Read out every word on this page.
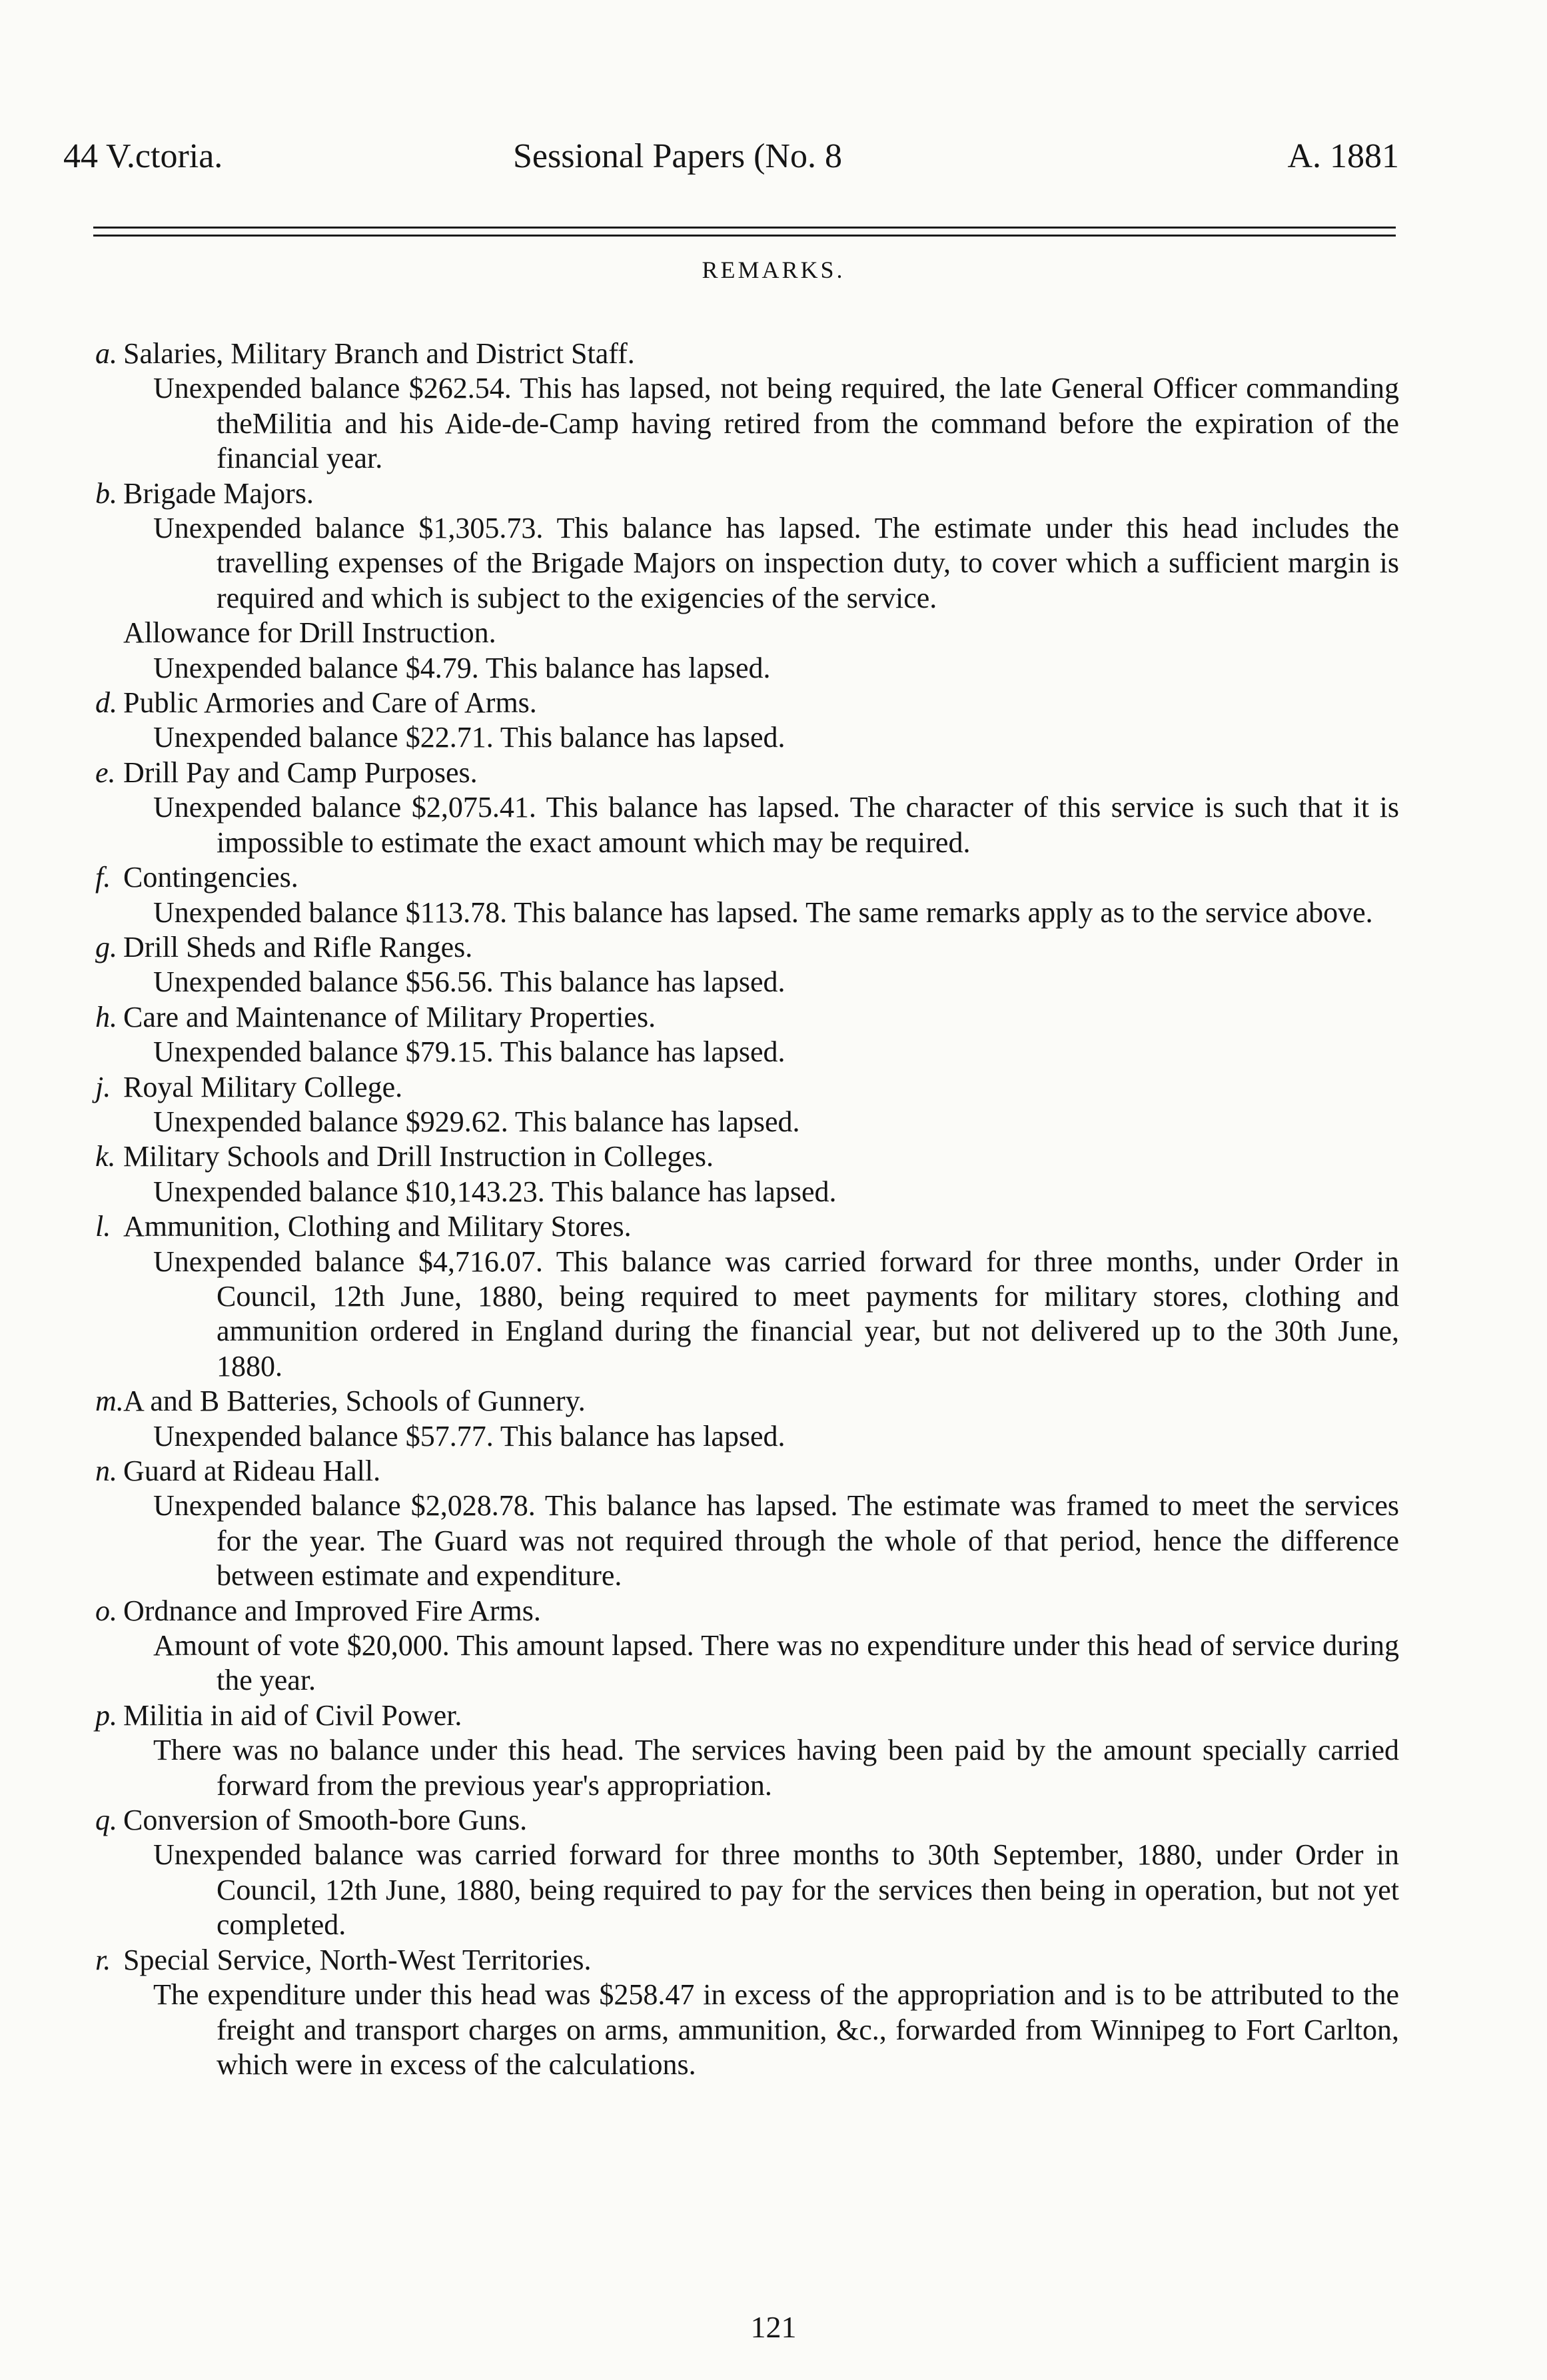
44 V.ctoria.	Sessional Papers (No. 8	A. 1881
REMARKS.
a. Salaries, Military Branch and District Staff.
Unexpended balance $262.54. This has lapsed, not being required, the late General Officer commanding theMilitia and his Aide-de-Camp having retired from the command before the expiration of the financial year.
b. Brigade Majors.
Unexpended balance $1,305.73. This balance has lapsed. The estimate under this head includes the travelling expenses of the Brigade Majors on inspection duty, to cover which a sufficient margin is required and which is subject to the exigencies of the service.
Allowance for Drill Instruction.
Unexpended balance $4.79. This balance has lapsed.
d. Public Armories and Care of Arms.
Unexpended balance $22.71. This balance has lapsed.
e. Drill Pay and Camp Purposes.
Unexpended balance $2,075.41. This balance has lapsed. The character of this service is such that it is impossible to estimate the exact amount which may be required.
f. Contingencies.
Unexpended balance $113.78. This balance has lapsed. The same remarks apply as to the service above.
g. Drill Sheds and Rifle Ranges.
Unexpended balance $56.56. This balance has lapsed.
h. Care and Maintenance of Military Properties.
Unexpended balance $79.15. This balance has lapsed.
j. Royal Military College.
Unexpended balance $929.62. This balance has lapsed.
k. Military Schools and Drill Instruction in Colleges.
Unexpended balance $10,143.23. This balance has lapsed.
l. Ammunition, Clothing and Military Stores.
Unexpended balance $4,716.07. This balance was carried forward for three months, under Order in Council, 12th June, 1880, being required to meet payments for military stores, clothing and ammunition ordered in England during the financial year, but not delivered up to the 30th June, 1880.
m. A and B Batteries, Schools of Gunnery.
Unexpended balance $57.77. This balance has lapsed.
n. Guard at Rideau Hall.
Unexpended balance $2,028.78. This balance has lapsed. The estimate was framed to meet the services for the year. The Guard was not required through the whole of that period, hence the difference between estimate and expenditure.
o. Ordnance and Improved Fire Arms.
Amount of vote $20,000. This amount lapsed. There was no expenditure under this head of service during the year.
p. Militia in aid of Civil Power.
There was no balance under this head. The services having been paid by the amount specially carried forward from the previous year's appropriation.
q. Conversion of Smooth-bore Guns.
Unexpended balance was carried forward for three months to 30th September, 1880, under Order in Council, 12th June, 1880, being required to pay for the services then being in operation, but not yet completed.
r. Special Service, North-West Territories.
The expenditure under this head was $258.47 in excess of the appropriation and is to be attributed to the freight and transport charges on arms, ammunition, &c., forwarded from Winnipeg to Fort Carlton, which were in excess of the calculations.
121
